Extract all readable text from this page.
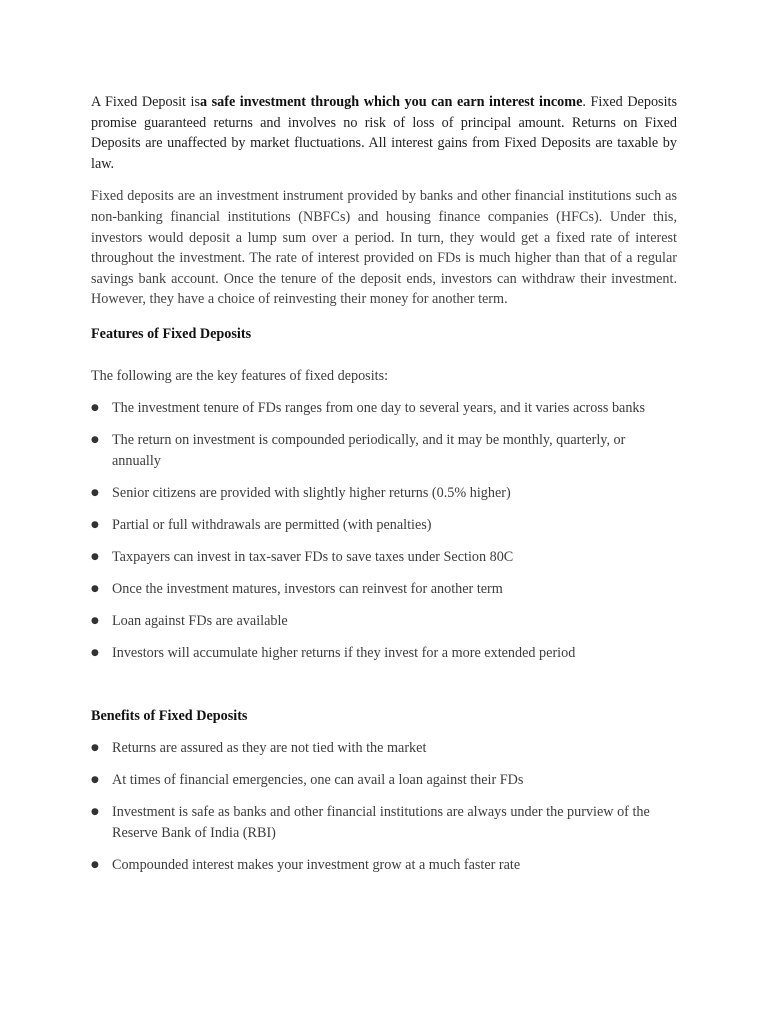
A Fixed Deposit isa safe investment through which you can earn interest income. Fixed Deposits promise guaranteed returns and involves no risk of loss of principal amount. Returns on Fixed Deposits are unaffected by market fluctuations. All interest gains from Fixed Deposits are taxable by law.

Fixed deposits are an investment instrument provided by banks and other financial institutions such as non-banking financial institutions (NBFCs) and housing finance companies (HFCs). Under this, investors would deposit a lump sum over a period. In turn, they would get a fixed rate of interest throughout the investment. The rate of interest provided on FDs is much higher than that of a regular savings bank account. Once the tenure of the deposit ends, investors can withdraw their investment. However, they have a choice of reinvesting their money for another term.

Features of Fixed Deposits

The following are the key features of fixed deposits:

● The investment tenure of FDs ranges from one day to several years, and it varies across banks
● The return on investment is compounded periodically, and it may be monthly, quarterly, or annually
● Senior citizens are provided with slightly higher returns (0.5% higher)
● Partial or full withdrawals are permitted (with penalties)
● Taxpayers can invest in tax-saver FDs to save taxes under Section 80C
● Once the investment matures, investors can reinvest for another term
● Loan against FDs are available
● Investors will accumulate higher returns if they invest for a more extended period
Benefits of Fixed Deposits
● Returns are assured as they are not tied with the market
● At times of financial emergencies, one can avail a loan against their FDs
● Investment is safe as banks and other financial institutions are always under the purview of the Reserve Bank of India (RBI)
● Compounded interest makes your investment grow at a much faster rate
